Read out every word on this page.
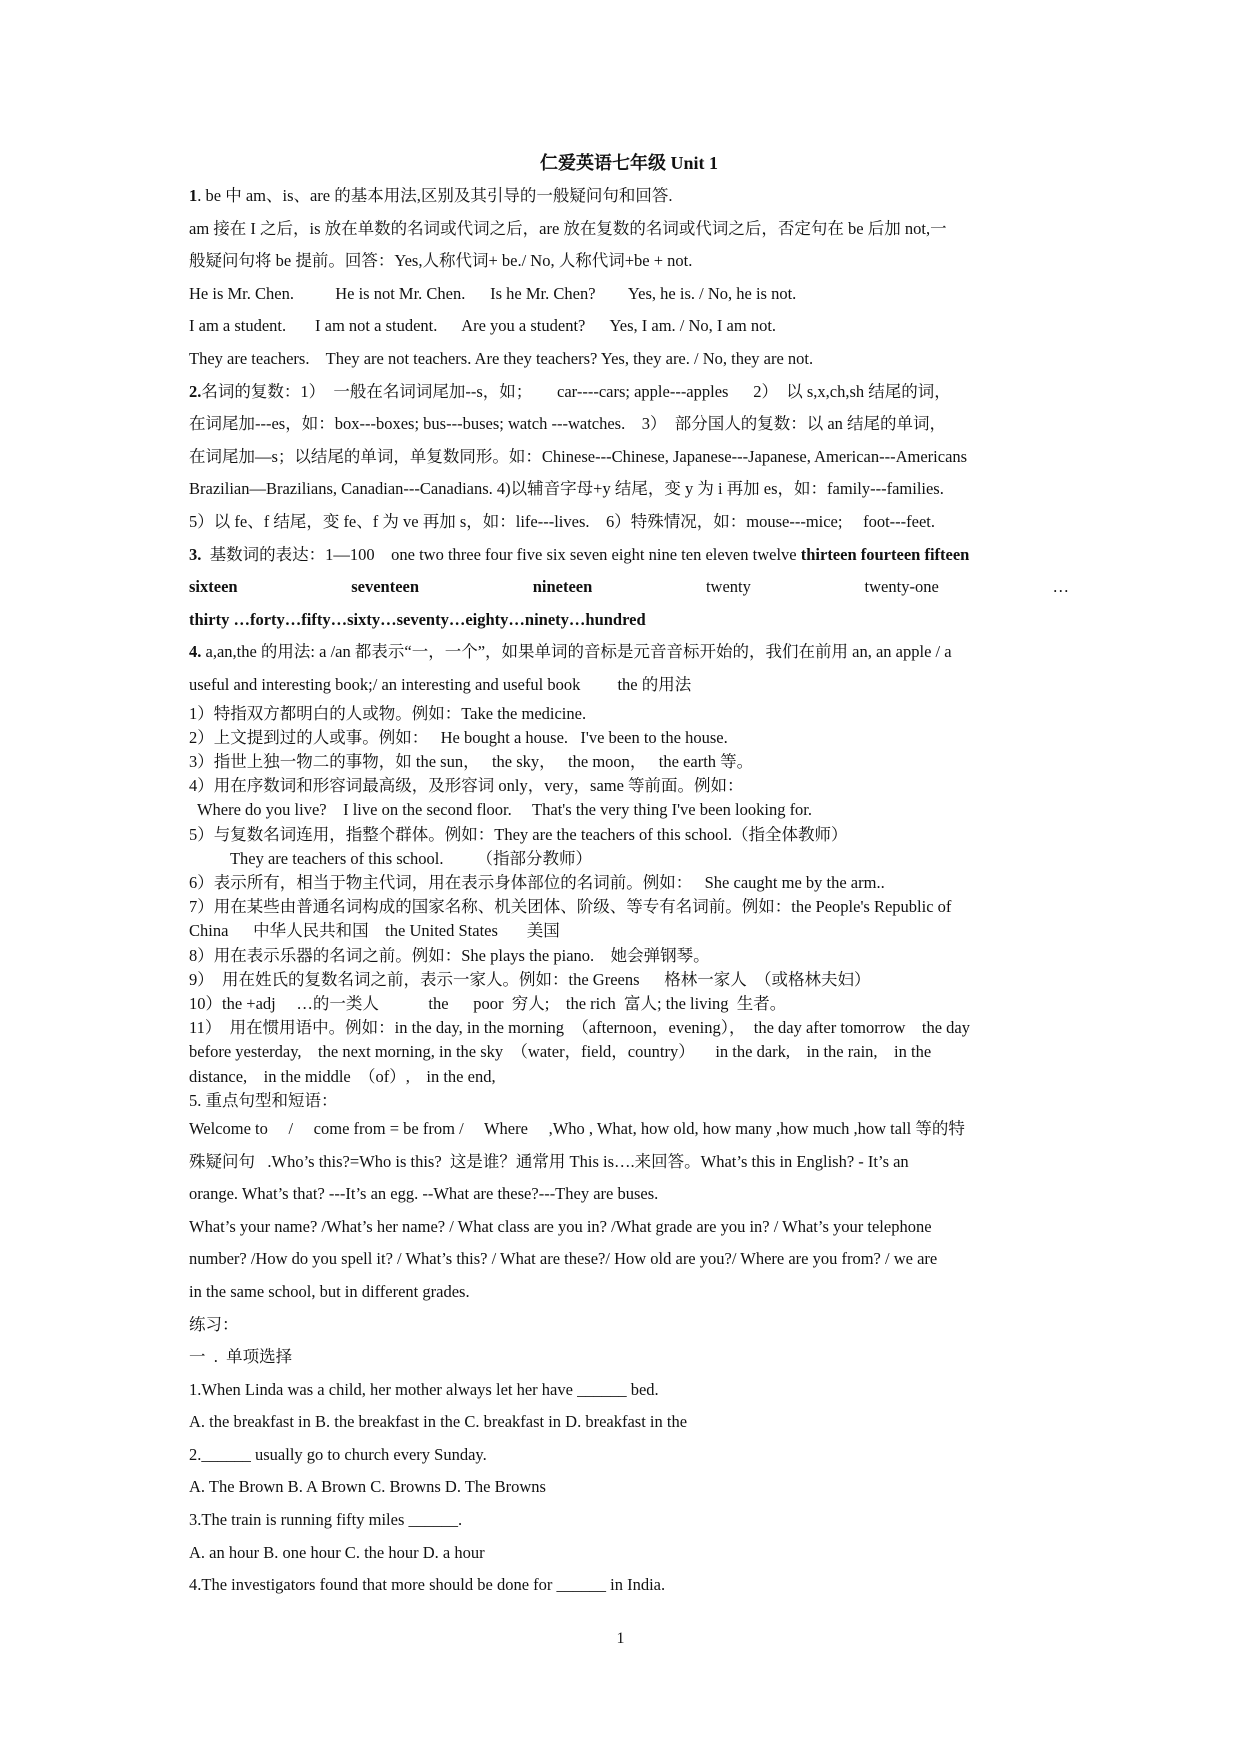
仁爱英语七年级 Unit 1

1. be 中 am、is、are 的基本用法,区别及其引导的一般疑问句和回答.

am 接在 I 之后，is 放在单数的名词或代词之后，are 放在复数的名词或代词之后，否定句在 be 后加 not,一

般疑问句将 be 提前。回答：Yes,人称代词+ be./ No, 人称代词+be + not.

He is Mr. Chen.          He is not Mr. Chen.      Is he Mr. Chen?        Yes, he is. / No, he is not.

I am a student.       I am not a student.      Are you a student?      Yes, I am. / No, I am not.

They are teachers.    They are not teachers. Are they teachers? Yes, they are. / No, they are not.

2.名词的复数：1）  一般在名词词尾加--s，如；      car----cars; apple---apples      2）  以 s,x,ch,sh 结尾的词，

在词尾加---es，如：box---boxes; bus---buses; watch ---watches.    3）  部分国人的复数：以 an 结尾的单词，

在词尾加—s；以结尾的单词，单复数同形。如：Chinese---Chinese, Japanese---Japanese, American---Americans

Brazilian—Brazilians, Canadian---Canadians. 4)以辅音字母+y 结尾，变 y 为 i 再加 es，如：family---families.

5）以 fe、f 结尾，变 fe、f 为 ve 再加 s，如：life---lives.    6）特殊情况，如：mouse---mice;     foot---feet.

3.  基数词的表达：1—100    one two three four five six seven eight nine ten eleven twelve thirteen fourteen fifteen

sixteen	seventeen	nineteen	twenty	twenty-one	…

thirty …forty…fifty…sixty…seventy…eighty…ninety…hundred

4. a,an,the 的用法: a /an 都表示“一，一个”，如果单词的音标是元音音标开始的，我们在前用 an, an apple / a

useful and interesting book;/ an interesting and useful book         the 的用法

1）特指双方都明白的人或物。例如：Take the medicine.

2）上文提到过的人或事。例如：   He bought a house.   I've been to the house.

3）指世上独一物二的事物，如 the sun，   the sky，   the moon，   the earth 等。

4）用在序数词和形容词最高级，及形容词 only，very，same 等前面。例如：

Where do you live?    I live on the second floor.     That's the very thing I've been looking for.

5）与复数名词连用，指整个群体。例如：They are the teachers of this school.（指全体教师）

They are teachers of this school.        （指部分教师）

6）表示所有，相当于物主代词，用在表示身体部位的名词前。例如：   She caught me by the arm..

7）用在某些由普通名词构成的国家名称、机关团体、阶级、等专有名词前。例如：the People's Republic of

China      中华人民共和国    the United States       美国

8）用在表示乐器的名词之前。例如：She plays the piano.    她会弹钢琴。

9）  用在姓氏的复数名词之前，表示一家人。例如：the Greens      格林一家人  （或格林夫妇）

10）the +adj     …的一类人            the      poor  穷人;    the rich  富人; the living  生者。

11）  用在惯用语中。例如：in the day, in the morning  （afternoon，evening），  the day after tomorrow    the day

before yesterday,    the next morning, in the sky  （water，field，country）     in the dark,    in the rain,    in the

distance,    in the middle  （of）,    in the end,

5. 重点句型和短语：

Welcome to     /     come from = be from /     Where     ,Who , What, how old, how many ,how much ,how tall 等的特

殊疑问句   .Who’s this?=Who is this?  这是谁？通常用 This is….来回答。What’s this in English? - It’s an

orange. What’s that? ---It’s an egg. --What are these?---They are buses.

What’s your name? /What’s her name? / What class are you in? /What grade are you in? / What’s your telephone

number? /How do you spell it? / What’s this? / What are these?/ How old are you?/ Where are you from? / we are

in the same school, but in different grades.

练习：

一  .  单项选择

1.When Linda was a child, her mother always let her have ______ bed.

A. the breakfast in B. the breakfast in the C. breakfast in D. breakfast in the

2.______ usually go to church every Sunday.

A. The Brown B. A Brown C. Browns D. The Browns

3.The train is running fifty miles ______.

A. an hour B. one hour C. the hour D. a hour

4.The investigators found that more should be done for ______ in India.

1
